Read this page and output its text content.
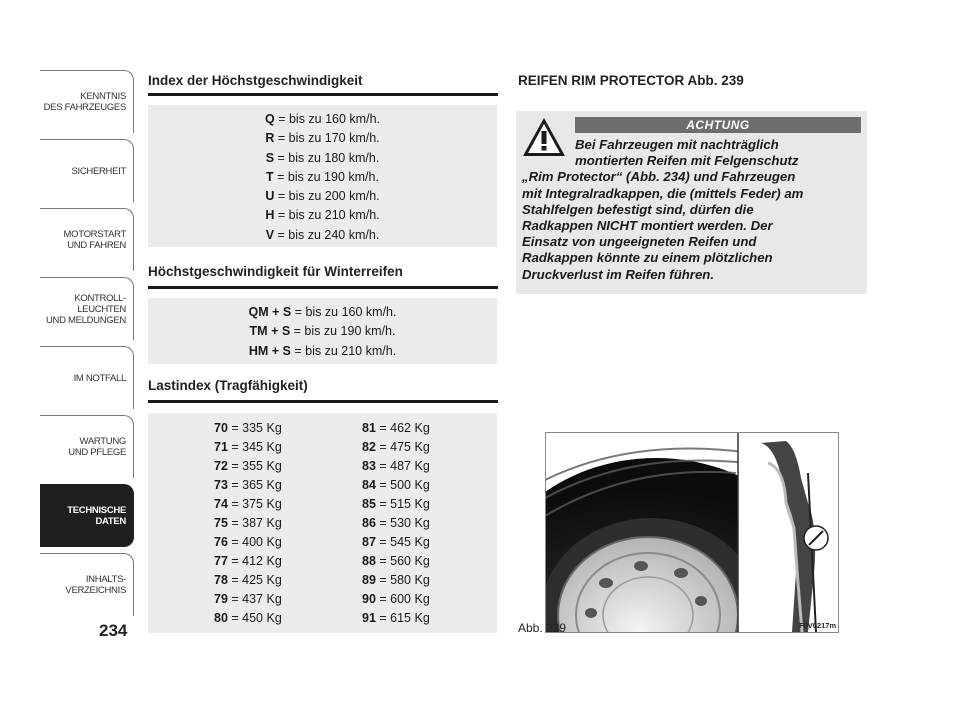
KENNTNIS
DES FAHRZEUGES
SICHERHEIT
MOTORSTART
UND FAHREN
KONTROLL-
LEUCHTEN
UND MELDUNGEN
IM NOTFALL
WARTUNG
UND PFLEGE
TECHNISCHE
DATEN
INHALTS-
VERZEICHNIS
234
Index der Höchstgeschwindigkeit
Q = bis zu 160 km/h.
R = bis zu 170 km/h.
S = bis zu 180 km/h.
T = bis zu 190 km/h.
U = bis zu 200 km/h.
H = bis zu 210 km/h.
V = bis zu 240 km/h.
Höchstgeschwindigkeit für Winterreifen
QM + S = bis zu 160 km/h.
TM + S = bis zu 190 km/h.
HM + S = bis zu 210 km/h.
Lastindex (Tragfähigkeit)
70 = 335 Kg
71 = 345 Kg
72 = 355 Kg
73 = 365 Kg
74 = 375 Kg
75 = 387 Kg
76 = 400 Kg
77 = 412 Kg
78 = 425 Kg
79 = 437 Kg
80 = 450 Kg
81 = 462 Kg
82 = 475 Kg
83 = 487 Kg
84 = 500 Kg
85 = 515 Kg
86 = 530 Kg
87 = 545 Kg
88 = 560 Kg
89 = 580 Kg
90 = 600 Kg
91 = 615 Kg
REIFEN RIM PROTECTOR Abb. 239
ACHTUNG
Bei Fahrzeugen mit nachträglich
montierten Reifen mit Felgenschutz
„Rim Protector“ (Abb. 234) und Fahrzeugen
mit Integralradkappen, die (mittels Feder) am
Stahlfelgen befestigt sind, dürfen die
Radkappen NICHT montiert werden. Der
Einsatz von ungeeigneten Reifen und
Radkappen könnte zu einem plötzlichen
Druckverlust im Reifen führen.
Abb. 239	F0V0217m
